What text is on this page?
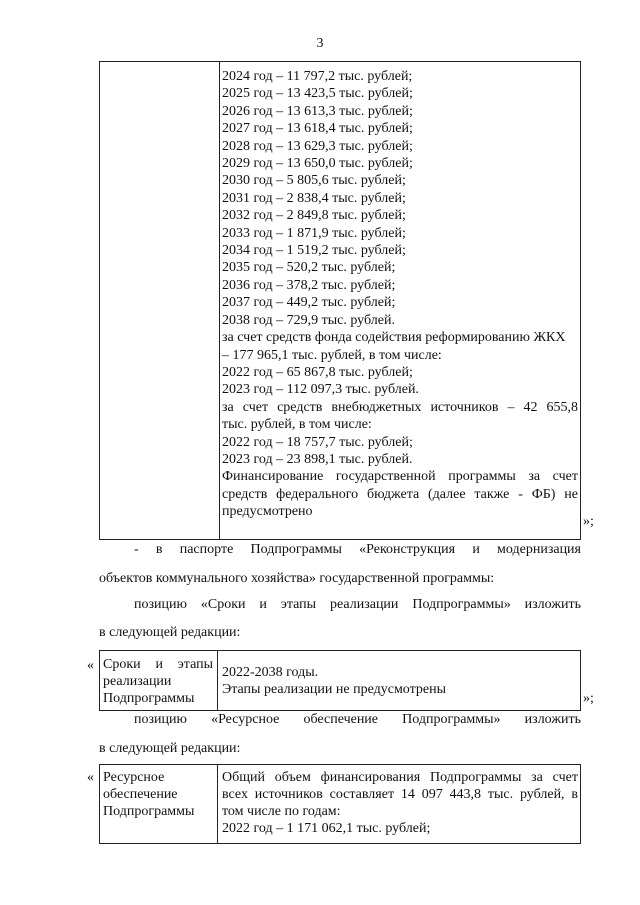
3
2024 год – 11 797,2 тыс. рублей;
2025 год – 13 423,5 тыс. рублей;
2026 год – 13 613,3 тыс. рублей;
2027 год – 13 618,4 тыс. рублей;
2028 год – 13 629,3 тыс. рублей;
2029 год – 13 650,0 тыс. рублей;
2030 год – 5 805,6 тыс. рублей;
2031 год – 2 838,4 тыс. рублей;
2032 год – 2 849,8 тыс. рублей;
2033 год – 1 871,9 тыс. рублей;
2034 год – 1 519,2 тыс. рублей;
2035 год – 520,2 тыс. рублей;
2036 год – 378,2 тыс. рублей;
2037 год – 449,2 тыс. рублей;
2038 год – 729,9 тыс. рублей.
за счет средств фонда содействия реформированию ЖКХ
– 177 965,1 тыс. рублей, в том числе:
2022 год – 65 867,8 тыс. рублей;
2023 год – 112 097,3 тыс. рублей.
за счет средств внебюджетных источников – 42 655,8
тыс. рублей, в том числе:
2022 год – 18 757,7 тыс. рублей;
2023 год – 23 898,1 тыс. рублей.
Финансирование государственной программы за счет
средств федерального бюджета (далее также - ФБ) не
предусмотрено
»;
- в паспорте Подпрограммы «Реконструкция и модернизация
объектов коммунального хозяйства» государственной программы:
позицию «Сроки и этапы реализации Подпрограммы» изложить
в следующей редакции:
« Сроки и этапы
реализации
Подпрограммы
2022-2038 годы.
Этапы реализации не предусмотрены
»;
позицию «Ресурсное обеспечение Подпрограммы» изложить
в следующей редакции:
« Ресурсное
обеспечение
Подпрограммы
Общий объем финансирования Подпрограммы за счет
всех источников составляет 14 097 443,8 тыс. рублей, в
том числе по годам:
2022 год – 1 171 062,1 тыс. рублей;
